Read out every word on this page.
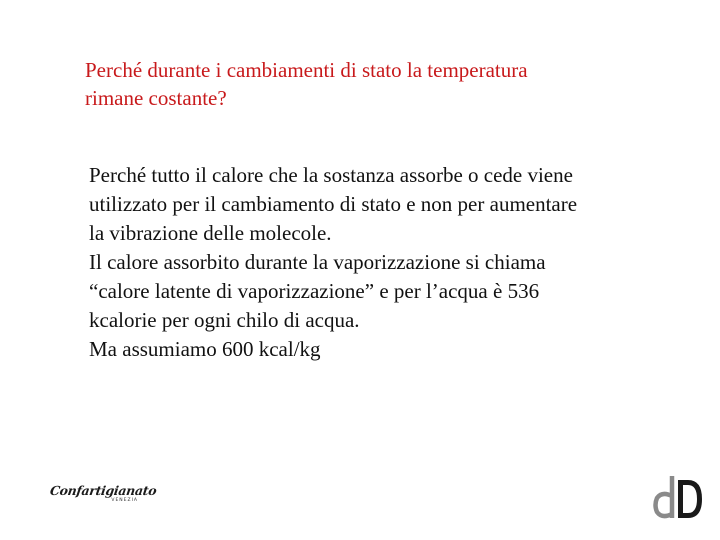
Perché durante i cambiamenti di stato la temperatura
rimane costante?
Perché tutto il calore che la sostanza assorbe o cede viene
utilizzato per il cambiamento di stato e non per aumentare
la vibrazione delle molecole.
Il calore assorbito durante la vaporizzazione si chiama
“calore latente di vaporizzazione” e per l’acqua è 536
kcalorie per ogni chilo di acqua.
Ma assumiamo 600 kcal/kg
Confartigianato
VENEZIA
